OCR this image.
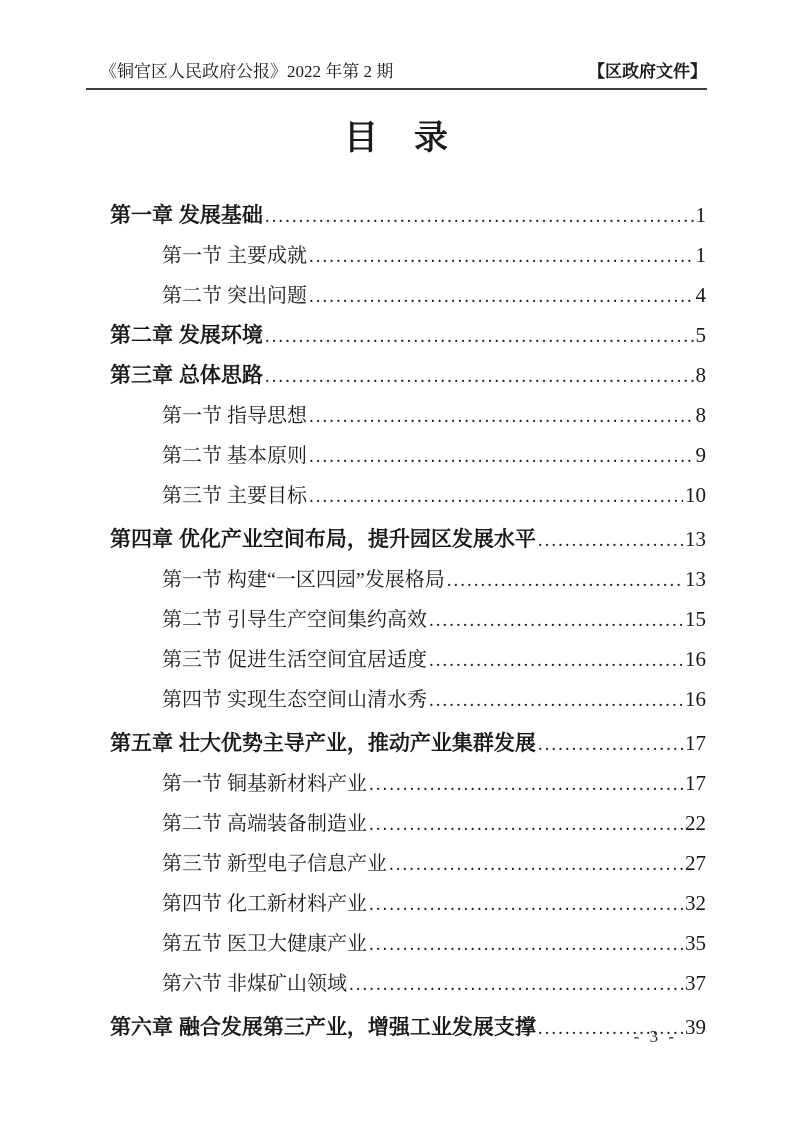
《铜官区人民政府公报》2022 年第 2 期	【区政府文件】
目　录
第一章 发展基础 .....	1
第一节 主要成就 .....	1
第二节 突出问题 .....	4
第二章 发展环境 .....	5
第三章 总体思路 .....	8
第一节 指导思想 .....	8
第二节 基本原则 .....	9
第三节 主要目标 .....	10
第四章 优化产业空间布局，提升园区发展水平 .....	13
第一节 构建“一区四园”发展格局 .....	13
第二节 引导生产空间集约高效 .....	15
第三节 促进生活空间宜居适度 .....	16
第四节 实现生态空间山清水秀 .....	16
第五章 壮大优势主导产业，推动产业集群发展 .....	17
第一节 铜基新材料产业 .....	17
第二节 高端装备制造业 .....	22
第三节 新型电子信息产业 .....	27
第四节 化工新材料产业 .....	32
第五节 医卫大健康产业 .....	35
第六节 非煤矿山领域 .....	37
第六章 融合发展第三产业，增强工业发展支撑 .....	39
- 3 -
